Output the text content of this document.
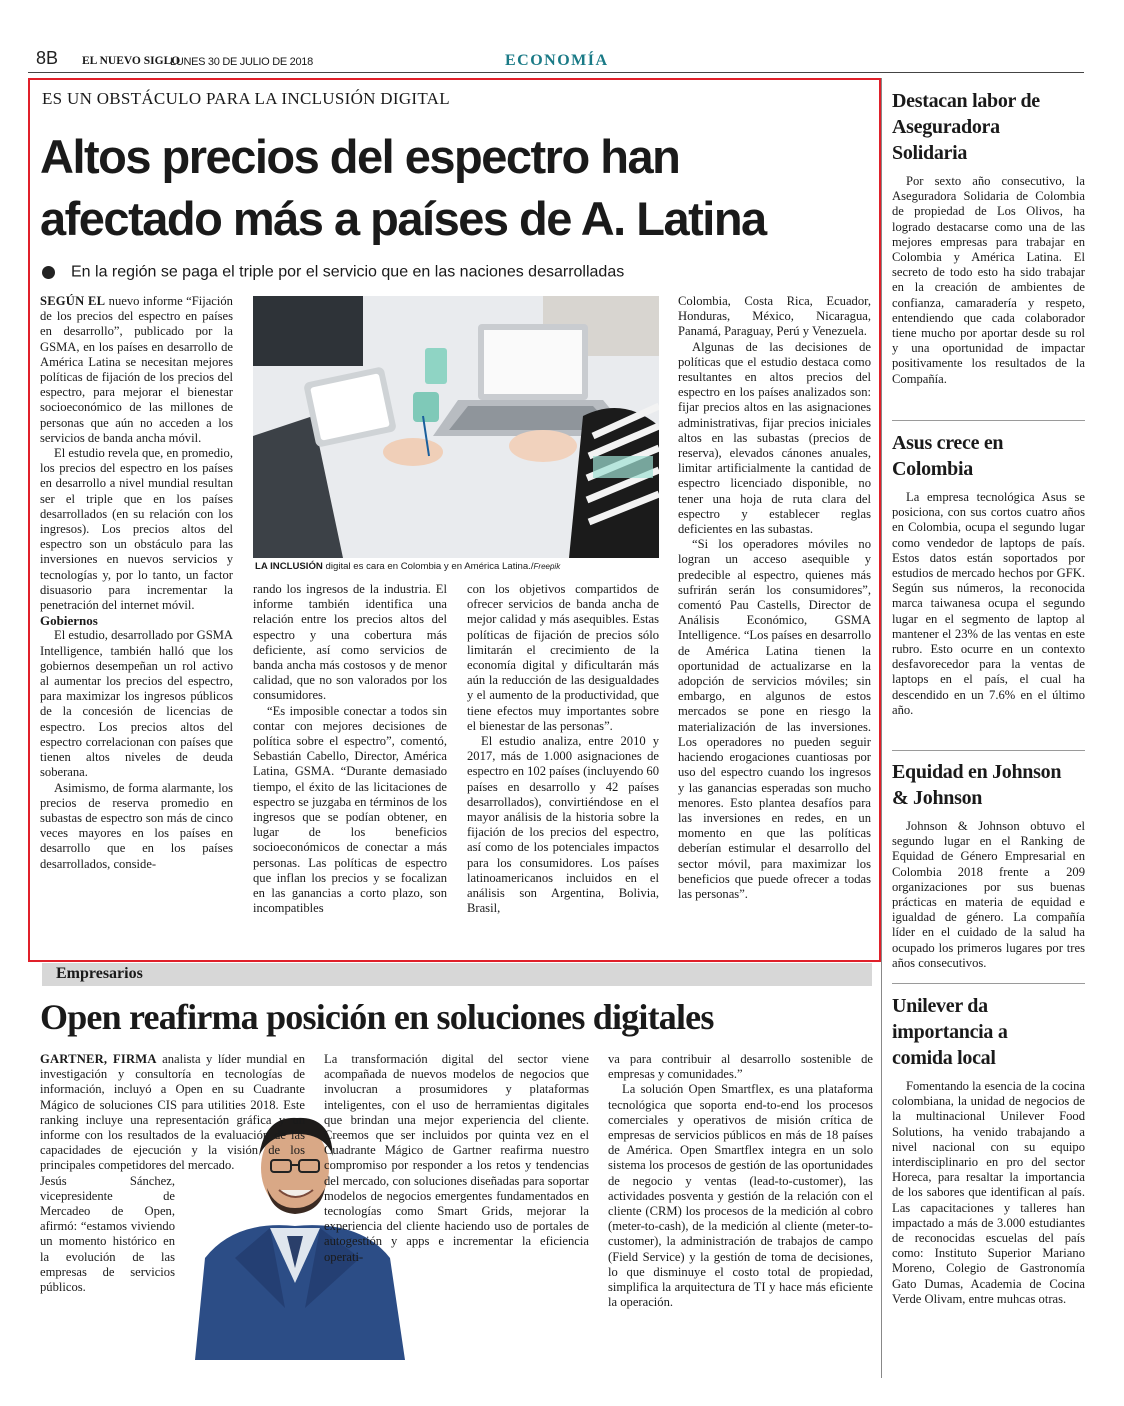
8B EL NUEVO SIGLO
LUNES 30 DE JULIO DE 2018	ECONOMÍA
ES UN OBSTÁCULO PARA LA INCLUSIÓN DIGITAL
Altos precios del espectro han
afectado más a países de A. Latina
En la región se paga el triple por el servicio que en las naciones desarrolladas
LA INCLUSIÓN digital es cara en Colombia y en América Latina./Freepik

SEGÚN EL nuevo informe “Fijación de los precios del espectro en países en desarrollo”, publicado por la GSMA, en los países en desarrollo de América Latina se necesitan mejores políticas de fijación de los precios del espectro, para mejorar el bienestar socioeconómico de las millones de personas que aún no acceden a los servicios de banda ancha móvil.

El estudio revela que, en promedio, los precios del espectro en los países en desarrollo a nivel mundial resultan ser el triple que en los países desarrollados (en su relación con los ingresos). Los precios altos del espectro son un obstáculo para las inversiones en nuevos servicios y tecnologías y, por lo tanto, un factor disuasorio para incrementar la penetración del internet móvil.

Gobiernos

El estudio, desarrollado por GSMA Intelligence, también halló que los gobiernos desempeñan un rol activo al aumentar los precios del espectro, para maximizar los ingresos públicos de la concesión de licencias de espectro. Los precios altos del espectro correlacionan con países que tienen altos niveles de deuda soberana.

Asimismo, de forma alarmante, los precios de reserva promedio en subastas de espectro son más de cinco veces mayores en los países en desarrollo que en los países desarrollados, conside-

rando los ingresos de la industria. El informe también identifica una relación entre los precios altos del espectro y una cobertura más deficiente, así como servicios de banda ancha más costosos y de menor calidad, que no son valorados por los consumidores.

“Es imposible conectar a todos sin contar con mejores decisiones de política sobre el espectro”, comentó, Sebastián Cabello, Director, América Latina, GSMA. “Durante demasiado tiempo, el éxito de las licitaciones de espectro se juzgaba en términos de los ingresos que se podían obtener, en lugar de los beneficios socioeconómicos de conectar a más personas. Las políticas de espectro que inflan los precios y se focalizan en las ganancias a corto plazo, son incompatibles

con los objetivos compartidos de ofrecer servicios de banda ancha de mejor calidad y más asequibles. Estas políticas de fijación de precios sólo limitarán el crecimiento de la economía digital y dificultarán más aún la reducción de las desigualdades y el aumento de la productividad, que tiene efectos muy importantes sobre el bienestar de las personas”.

El estudio analiza, entre 2010 y 2017, más de 1.000 asignaciones de espectro en 102 países (incluyendo 60 países en desarrollo y 42 países desarrollados), convirtiéndose en el mayor análisis de la historia sobre la fijación de los precios del espectro, así como de los potenciales impactos para los consumidores. Los países latinoamericanos incluidos en el análisis son Argentina, Bolivia, Brasil,

Colombia, Costa Rica, Ecuador, Honduras, México, Nicaragua, Panamá, Paraguay, Perú y Venezuela.

Algunas de las decisiones de políticas que el estudio destaca como resultantes en altos precios del espectro en los países analizados son: fijar precios altos en las asignaciones administrativas, fijar precios iniciales altos en las subastas (precios de reserva), elevados cánones anuales, limitar artificialmente la cantidad de espectro licenciado disponible, no tener una hoja de ruta clara del espectro y establecer reglas deficientes en las subastas.

“Si los operadores móviles no logran un acceso asequible y predecible al espectro, quienes más sufrirán serán los consumidores”, comentó Pau Castells, Director de Análisis Económico, GSMA Intelligence. “Los países en desarrollo de América Latina tienen la oportunidad de actualizarse en la adopción de servicios móviles; sin embargo, en algunos de estos mercados se pone en riesgo la materialización de las inversiones. Los operadores no pueden seguir haciendo erogaciones cuantiosas por uso del espectro cuando los ingresos y las ganancias esperadas son mucho menores. Esto plantea desafíos para las inversiones en redes, en un momento en que las políticas deberían estimular el desarrollo del sector móvil, para maximizar los beneficios que puede ofrecer a todas las personas”.

Destacan labor de Aseguradora Solidaria

Por sexto año consecutivo, la Aseguradora Solidaria de Colombia de propiedad de Los Olivos, ha logrado destacarse como una de las mejores empresas para trabajar en Colombia y América Latina. El secreto de todo esto ha sido trabajar en la creación de ambientes de confianza, camaradería y respeto, entendiendo que cada colaborador tiene mucho por aportar desde su rol y una oportunidad de impactar positivamente los resultados de la Compañía.

Asus crece en Colombia

La empresa tecnológica Asus se posiciona, con sus cortos cuatro años en Colombia, ocupa el segundo lugar como vendedor de laptops de país. Estos datos están soportados por estudios de mercado hechos por GFK. Según sus números, la reconocida marca taiwanesa ocupa el segundo lugar en el segmento de laptop al mantener el 23% de las ventas en este rubro. Esto ocurre en un contexto desfavorecedor para la ventas de laptops en el país, el cual ha descendido en un 7.6% en el último año.

Equidad en Johnson & Johnson

Johnson & Johnson obtuvo el segundo lugar en el Ranking de Equidad de Género Empresarial en Colombia 2018 frente a 209 organizaciones por sus buenas prácticas en materia de equidad e igualdad de género. La compañía líder en el cuidado de la salud ha ocupado los primeros lugares por tres años consecutivos.

Unilever da importancia a comida local

Fomentando la esencia de la cocina colombiana, la unidad de negocios de la multinacional Unilever Food Solutions, ha venido trabajando a nivel nacional con su equipo interdisciplinario en pro del sector Horeca, para resaltar la importancia de los sabores que identifican al país. Las capacitaciones y talleres han impactado a más de 3.000 estudiantes de reconocidas escuelas del país como: Instituto Superior Mariano Moreno, Colegio de Gastronomía Gato Dumas, Academia de Cocina Verde Olivam, entre muhcas otras.

Empresarios
Open reafirma posición en soluciones digitales

GARTNER, FIRMA analista y líder mundial en investigación y consultoría en tecnologías de información, incluyó a Open en su Cuadrante Mágico de soluciones CIS para utilities 2018. Este ranking incluye una representación gráfica y un informe con los resultados de la evaluación de las capacidades de ejecución y la visión de los principales competidores del mercado.

Jesús Sánchez, vicepresidente de Mercadeo de Open, afirmó: “estamos viviendo un momento histórico en la evolución de las empresas de servicios públicos.

La transformación digital del sector viene acompañada de nuevos modelos de negocios que involucran a prosumidores y plataformas inteligentes, con el uso de herramientas digitales que brindan una mejor experiencia del cliente. Creemos que ser incluidos por quinta vez en el Cuadrante Mágico de Gartner reafirma nuestro compromiso por responder a los retos y tendencias del mercado, con soluciones diseñadas para soportar modelos de negocios emergentes fundamentados en tecnologías como Smart Grids, mejorar la experiencia del cliente haciendo uso de portales de autogestión y apps e incrementar la eficiencia operati-

va para contribuir al desarrollo sostenible de empresas y comunidades.”

La solución Open Smartflex, es una plataforma tecnológica que soporta end-to-end los procesos comerciales y operativos de misión crítica de empresas de servicios públicos en más de 18 países de América. Open Smartflex integra en un solo sistema los procesos de gestión de las oportunidades de negocio y ventas (lead-to-customer), las actividades posventa y gestión de la relación con el cliente (CRM) los procesos de la medición al cobro (meter-to-cash), de la medición al cliente (meter-to-customer), la administración de trabajos de campo (Field Service) y la gestión de toma de decisiones, lo que disminuye el costo total de propiedad, simplifica la arquitectura de TI y hace más eficiente la operación.
